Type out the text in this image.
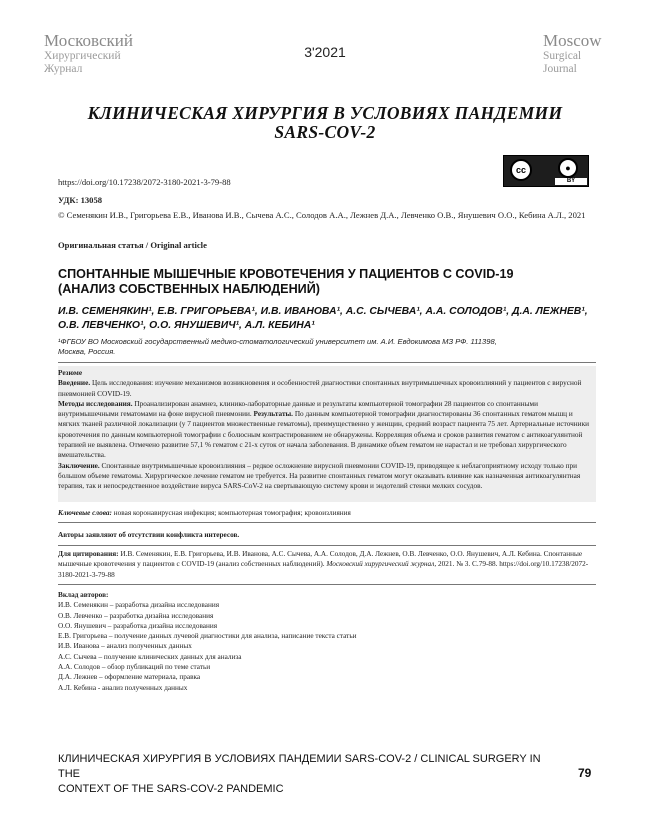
Московский
Хирургический
Журнал
3'2021
Moscow
Surgical
Journal
КЛИНИЧЕСКАЯ ХИРУРГИЯ В УСЛОВИЯХ ПАНДЕМИИ
SARS-COV-2
cc	●
BY
https://doi.org/10.17238/2072-3180-2021-3-79-88
УДК: 13058
© Семенякин И.В., Григорьева Е.В., Иванова И.В., Сычева А.С., Солодов А.А., Лежнев Д.А., Левченко О.В., Янушевич О.О., Кебина А.Л., 2021
Оригинальная статья / Original article
СПОНТАННЫЕ МЫШЕЧНЫЕ КРОВОТЕЧЕНИЯ У ПАЦИЕНТОВ С COVID-19
(АНАЛИЗ СОБСТВЕННЫХ НАБЛЮДЕНИЙ)
И.В. СЕМЕНЯКИН¹, Е.В. ГРИГОРЬЕВА¹, И.В. ИВАНОВА¹, А.С. СЫЧЕВА¹, А.А. СОЛОДОВ¹, Д.А. ЛЕЖНЕВ¹,
О.В. ЛЕВЧЕНКО¹, О.О. ЯНУШЕВИЧ¹, А.Л. КЕБИНА¹
¹ФГБОУ ВО Московский государственный медико-стоматологический университет им. А.И. Евдокимова МЗ РФ. 111398,
Москва, Россия.

Резюме

Введение. Цель исследования: изучение механизмов возникновения и особенностей диагностики спонтанных внутримышечных кровоизлияний у пациентов с вирусной пневмонией COVID-19.

Методы исследования. Проанализирован анамнез, клинико-лабораторные данные и результаты компьютерной томографии 28 пациентов со спонтанными внутримышечными гематомами на фоне вирусной пневмонии. Результаты. По данным компьютерной томографии диагностированы 36 спонтанных гематом мышц и мягких тканей различной локализации (у 7 пациентов множественные гематомы), преимущественно у женщин, средний возраст пациента 75 лет. Артериальные источники кровотечения по данным компьютерной томографии с болюсным контрастированием не обнаружены. Корреляция объема и сроков развития гематом с антикоагулянтной терапией не выявлена. Отмечено развитие 57,1 % гематом с 21-х суток от начала заболевания. В динамике объем гематом не нарастал и не требовал хирургического вмешательства.

Заключение. Спонтанные внутримышечные кровоизлияния – редкое осложнение вирусной пневмонии COVID-19, приводящее к неблагоприятному исходу только при большом объеме гематомы. Хирургическое лечение гематом не требуется. На развитие спонтанных гематом могут оказывать влияние как назначенная антикоагулянтная терапия, так и непосредственное воздействие вируса SARS-CoV-2 на свертывающую систему крови и эндотелий стенки мелких сосудов.

Ключевые слова: новая коронавирусная инфекция; компьютерная томография; кровоизлияния
Авторы заявляют об отсутствии конфликта интересов.
Для цитирования: И.В. Семенякин, Е.В. Григорьева, И.В. Иванова, А.С. Сычева, А.А. Солодов, Д.А. Лежнев, О.В. Левченко, О.О. Янушевич, А.Л. Кебина. Спонтанные мышечные кровотечения у пациентов с COVID-19 (анализ собственных наблюдений). Московский хирургический журнал, 2021. № 3. С.79-88. https://doi.org/10.17238/2072-3180-2021-3-79-88
Вклад авторов:
И.В. Семенякин – разработка дизайна исследования
О.В. Левченко – разработка дизайна исследования
О.О. Янушевич – разработка дизайна исследования
Е.В. Григорьева – получение данных лучевой диагностики для анализа, написание текста статьи
И.В. Иванова – анализ полученных данных
А.С. Сычева – получение клинических данных для анализа
А.А. Солодов – обзор публикаций по теме статьи
Д.А. Лежнев – оформление материала, правка
А.Л. Кебина - анализ полученных данных
КЛИНИЧЕСКАЯ ХИРУРГИЯ В УСЛОВИЯХ ПАНДЕМИИ SARS-COV-2 / CLINICAL SURGERY IN THE
CONTEXT OF THE SARS-COV-2 PANDEMIC
79
